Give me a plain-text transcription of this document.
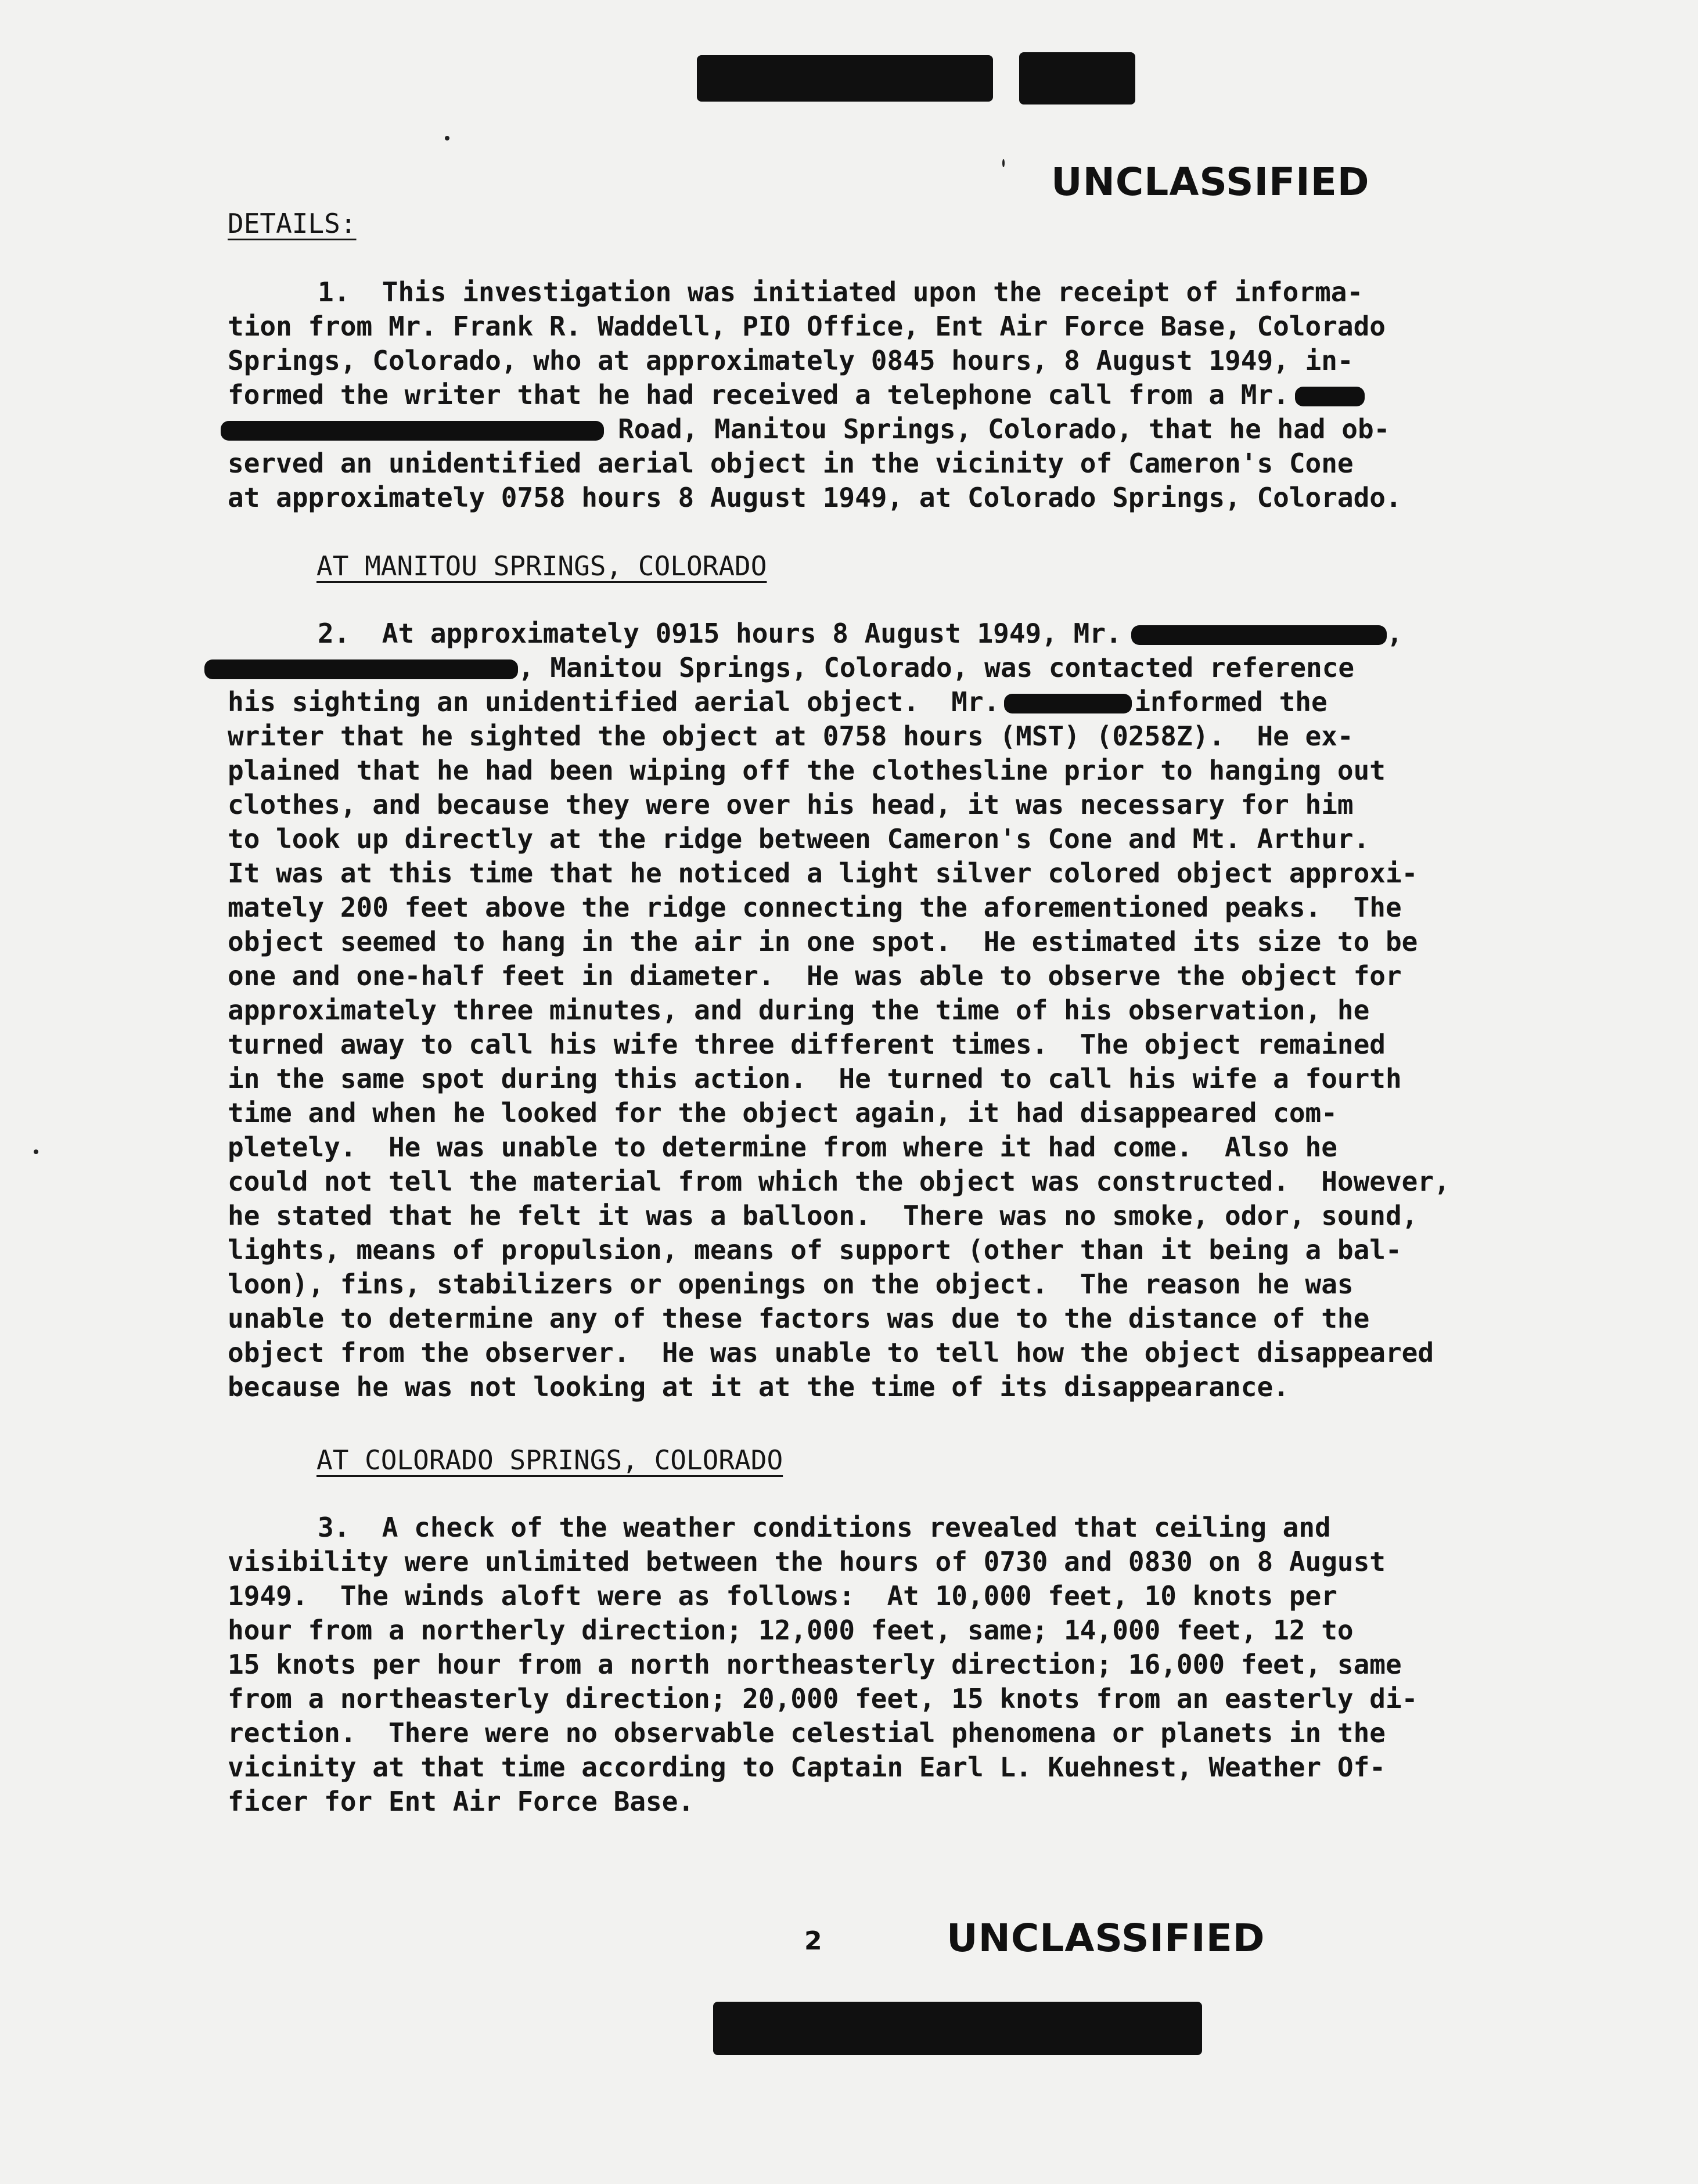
UNCLASSIFIED
DETAILS:
1.  This investigation was initiated upon the receipt of informa-
tion from Mr. Frank R. Waddell, PIO Office, Ent Air Force Base, Colorado
Springs, Colorado, who at approximately 0845 hours, 8 August 1949, in-
formed the writer that he had received a telephone call from a Mr.
Road, Manitou Springs, Colorado, that he had ob-
served an unidentified aerial object in the vicinity of Cameron's Cone
at approximately 0758 hours 8 August 1949, at Colorado Springs, Colorado.
AT MANITOU SPRINGS, COLORADO
2.  At approximately 0915 hours 8 August 1949, Mr.	,
, Manitou Springs, Colorado, was contacted reference
his sighting an unidentified aerial object.  Mr.	informed the
writer that he sighted the object at 0758 hours (MST) (0258Z).  He ex-
plained that he had been wiping off the clothesline prior to hanging out
clothes, and because they were over his head, it was necessary for him
to look up directly at the ridge between Cameron's Cone and Mt. Arthur.
It was at this time that he noticed a light silver colored object approxi-
mately 200 feet above the ridge connecting the aforementioned peaks.  The
object seemed to hang in the air in one spot.  He estimated its size to be
one and one-half feet in diameter.  He was able to observe the object for
approximately three minutes, and during the time of his observation, he
turned away to call his wife three different times.  The object remained
in the same spot during this action.  He turned to call his wife a fourth
time and when he looked for the object again, it had disappeared com-
pletely.  He was unable to determine from where it had come.  Also he
could not tell the material from which the object was constructed.  However,
he stated that he felt it was a balloon.  There was no smoke, odor, sound,
lights, means of propulsion, means of support (other than it being a bal-
loon), fins, stabilizers or openings on the object.  The reason he was
unable to determine any of these factors was due to the distance of the
object from the observer.  He was unable to tell how the object disappeared
because he was not looking at it at the time of its disappearance.
AT COLORADO SPRINGS, COLORADO
3.  A check of the weather conditions revealed that ceiling and
visibility were unlimited between the hours of 0730 and 0830 on 8 August
1949.  The winds aloft were as follows:  At 10,000 feet, 10 knots per
hour from a northerly direction; 12,000 feet, same; 14,000 feet, 12 to
15 knots per hour from a north northeasterly direction; 16,000 feet, same
from a northeasterly direction; 20,000 feet, 15 knots from an easterly di-
rection.  There were no observable celestial phenomena or planets in the
vicinity at that time according to Captain Earl L. Kuehnest, Weather Of-
ficer for Ent Air Force Base.
2	UNCLASSIFIED
